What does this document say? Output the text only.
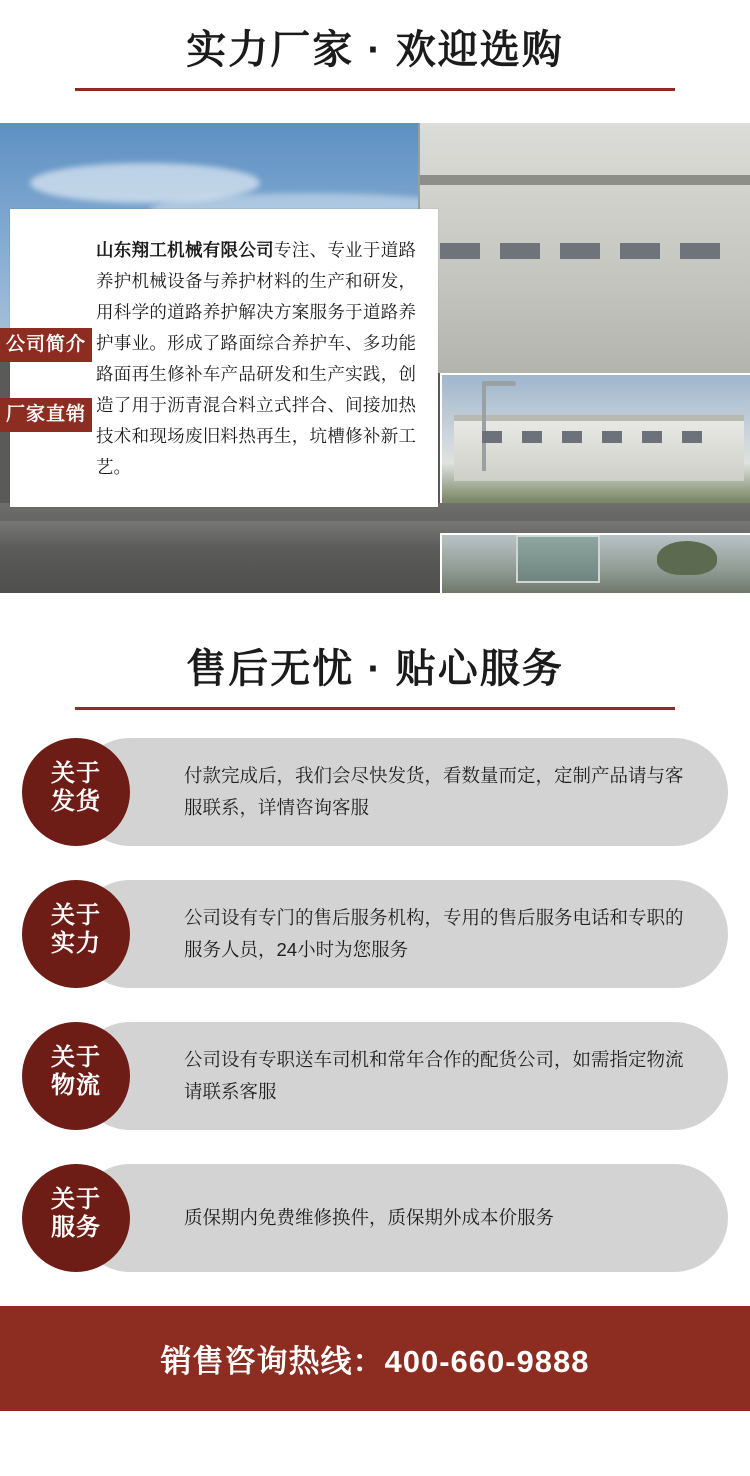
实力厂家 · 欢迎选购
山东翔工机械有限公司专注、专业于道路养护机械设备与养护材料的生产和研发，用科学的道路养护解决方案服务于道路养护事业。形成了路面综合养护车、多功能路面再生修补车产品研发和生产实践，创造了用于沥青混合料立式拌合、间接加热技术和现场废旧料热再生，坑槽修补新工艺。
公司简介
厂家直销
售后无忧 · 贴心服务
付款完成后，我们会尽快发货，看数量而定，定制产品请与客服联系，详情咨询客服
关于
发货
公司设有专门的售后服务机构，专用的售后服务电话和专职的服务人员，24小时为您服务
关于
实力
公司设有专职送车司机和常年合作的配货公司，如需指定物流请联系客服
关于
物流
质保期内免费维修换件，质保期外成本价服务
关于
服务
销售咨询热线：400-660-9888
